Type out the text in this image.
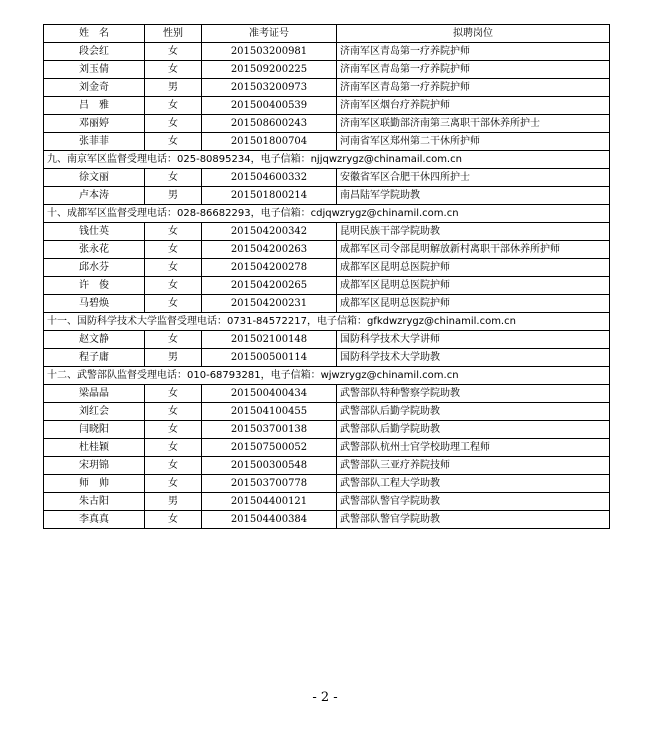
姓　名	性别	准考证号	拟聘岗位
段会红	女	201503200981	济南军区青岛第一疗养院护师
刘玉倩	女	201509200225	济南军区青岛第一疗养院护师
刘金奇	男	201503200973	济南军区青岛第一疗养院护师
吕　雅	女	201500400539	济南军区烟台疗养院护师
邓丽婷	女	201508600243	济南军区联勤部济南第三离职干部休养所护士
张菲菲	女	201501800704	河南省军区郑州第二干休所护师
九、南京军区监督受理电话：025-80895234，电子信箱：njjqwzrygz@chinamail.com.cn			
徐文丽	女	201504600332	安徽省军区合肥干休四所护士
卢本涛	男	201501800214	南昌陆军学院助教
十、成都军区监督受理电话：028-86682293，电子信箱：cdjqwzrygz@chinamil.com.cn			
钱仕英	女	201504200342	昆明民族干部学院助教
张永花	女	201504200263	成都军区司令部昆明解放新村离职干部休养所护师
邱水芬	女	201504200278	成都军区昆明总医院护师
许　俊	女	201504200265	成都军区昆明总医院护师
马碧焕	女	201504200231	成都军区昆明总医院护师
十一、国防科学技术大学监督受理电话：0731-84572217，电子信箱：gfkdwzrygz@chinamil.com.cn			
赵文静	女	201502100148	国防科学技术大学讲师
程子庸	男	201500500114	国防科学技术大学助教
十二、武警部队监督受理电话：010-68793281，电子信箱：wjwzrygz@chinamil.com.cn			
梁晶晶	女	201500400434	武警部队特种警察学院助教
刘红会	女	201504100455	武警部队后勤学院助教
闫晓阳	女	201503700138	武警部队后勤学院助教
杜桂颖	女	201507500052	武警部队杭州士官学校助理工程师
宋玥锦	女	201500300548	武警部队三亚疗养院技师
师　帅	女	201503700778	武警部队工程大学助教
朱古阳	男	201504400121	武警部队警官学院助教
李真真	女	201504400384	武警部队警官学院助教
- 2 -
